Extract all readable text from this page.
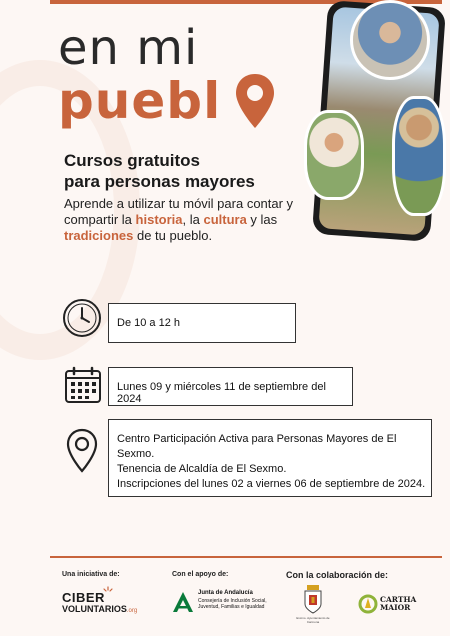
en mi
puebl
Cursos gratuitos
para personas mayores
Aprende a utilizar tu móvil para contar y compartir la historia, la cultura y las tradiciones de tu pueblo.
De 10 a 12 h
Lunes 09 y miércoles 11 de septiembre del 2024
Centro Participación Activa para Personas Mayores de El Sexmo.
Tenencia de Alcaldía de El Sexmo.
Inscripciones del lunes 02 a viernes 06 de septiembre de 2024.
Una iniciativa de:	Con el apoyo de:	Con la colaboración de:
CIBER
VOLUNTARIOS.org
Junta de Andalucía
Consejería de Inclusión Social, Juventud, Familias e Igualdad
Excmo. Ayuntamiento de Carmona
CARTHA
MAIOR
